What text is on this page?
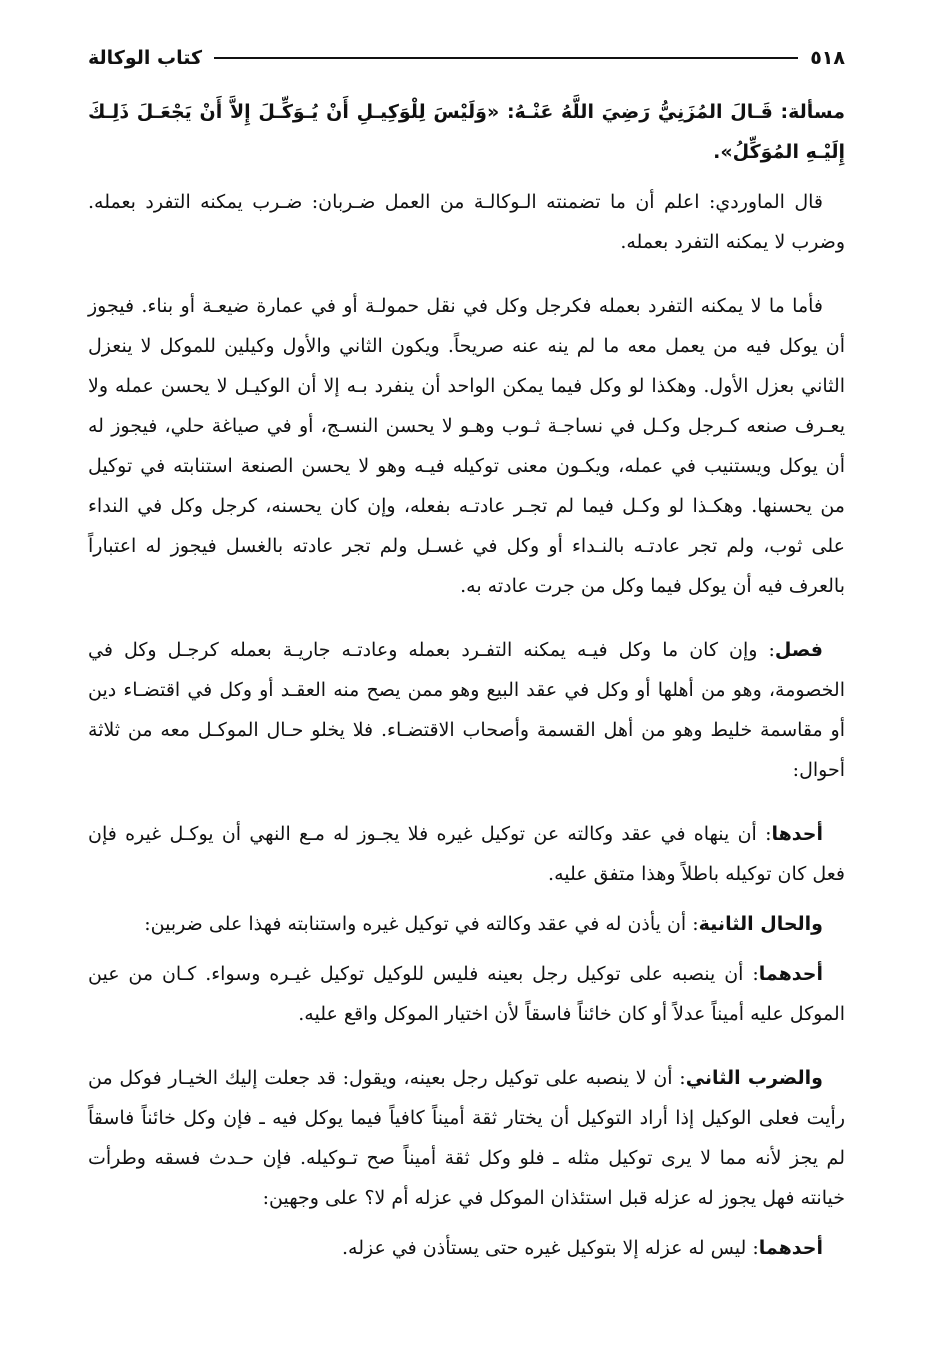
٥١٨
كتاب الوكالة

مسألة: قَـالَ المُزَنِيُّ رَضِيَ اللَّهُ عَنْـهُ: «وَلَيْسَ لِلْوَكِيـلِ أَنْ يُـوَكِّـلَ إِلاَّ أَنْ يَجْعَـلَ ذَلِـكَ إِلَيْـهِ المُوَكِّلُ».

قال الماوردي: اعلم أن ما تضمنته الـوكالـة من العمل ضـربان: ضـرب يمكنه التفرد بعمله. وضرب لا يمكنه التفرد بعمله.

فأما ما لا يمكنه التفرد بعمله فكرجل وكل في نقل حمولـة أو في عمارة ضيعـة أو بناء. فيجوز أن يوكل فيه من يعمل معه ما لم ينه عنه صريحاً. ويكون الثاني والأول وكيلين للموكل لا ينعزل الثاني بعزل الأول. وهكذا لو وكل فيما يمكن الواحد أن ينفرد بـه إلا أن الوكيـل لا يحسن عمله ولا يعـرف صنعه كـرجل وكـل في نساجـة ثـوب وهـو لا يحسن النسـج، أو في صياغة حلي، فيجوز له أن يوكل ويستنيب في عمله، ويكـون معنى توكيله فيـه وهو لا يحسن الصنعة استنابته في توكيل من يحسنها. وهكـذا لو وكـل فيما لم تجـر عادتـه بفعله، وإن كان يحسنه، كرجل وكل في النداء على ثوب، ولم تجر عادتـه بالنـداء أو وكل في غسـل ولم تجر عادته بالغسل فيجوز له اعتباراً بالعرف فيه أن يوكل فيما وكل من جرت عادته به.

فصل: وإن كان ما وكل فيـه يمكنه التفـرد بعمله وعادتـه جاريـة بعمله كرجـل وكل في الخصومة، وهو من أهلها أو وكل في عقد البيع وهو ممن يصح منه العقـد أو وكل في اقتضـاء دين أو مقاسمة خليط وهو من أهل القسمة وأصحاب الاقتضـاء. فلا يخلو حـال الموكـل معه من ثلاثة أحوال:

أحدها: أن ينهاه في عقد وكالته عن توكيل غيره فلا يجـوز له مـع النهي أن يوكـل غيره فإن فعل كان توكيله باطلاً وهذا متفق عليه.

والحال الثانية: أن يأذن له في عقد وكالته في توكيل غيره واستنابته فهذا على ضربين:

أحدهما: أن ينصبه على توكيل رجل بعينه فليس للوكيل توكيل غيـره وسواء. كـان من عين الموكل عليه أميناً عدلاً أو كان خائناً فاسقاً لأن اختيار الموكل واقع عليه.

والضرب الثاني: أن لا ينصبه على توكيل رجل بعينه، ويقول: قد جعلت إليك الخيـار فوكل من رأيت فعلى الوكيل إذا أراد التوكيل أن يختار ثقة أميناً كافياً فيما يوكل فيه ـ فإن وكل خائناً فاسقاً لم يجز لأنه مما لا يرى توكيل مثله ـ فلو وكل ثقة أميناً صح تـوكيله. فإن حـدث فسقه وطرأت خيانته فهل يجوز له عزله قبل استئذان الموكل في عزله أم لا؟ على وجهين:

أحدهما: ليس له عزله إلا بتوكيل غيره حتى يستأذن في عزله.
